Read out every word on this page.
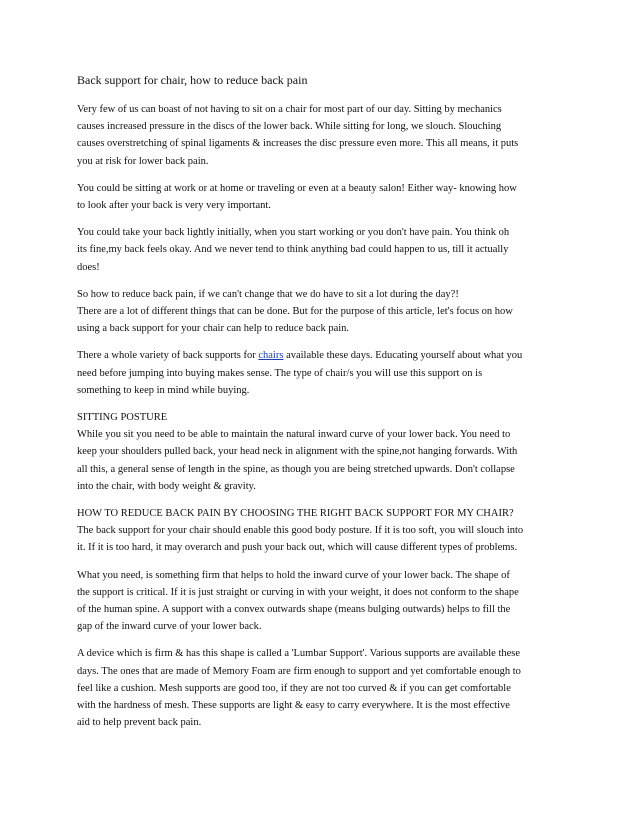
Back support for chair, how to reduce back pain

Very few of us can boast of not having to sit on a chair for most part of our day. Sitting by mechanics
causes increased pressure in the discs of the lower back. While sitting for long, we slouch. Slouching
causes overstretching of spinal ligaments & increases the disc pressure even more. This all means, it puts
you at risk for lower back pain.

You could be sitting at work or at home or traveling or even at a beauty salon! Either way- knowing how
to look after your back is very very important.

You could take your back lightly initially, when you start working or you don't have pain. You think oh
its fine,my back feels okay. And we never tend to think anything bad could happen to us, till it actually
does!

So how to reduce back pain, if we can't change that we do have to sit a lot during the day?!
There are a lot of different things that can be done. But for the purpose of this article, let's focus on how
using a back support for your chair can help to reduce back pain.

There a whole variety of back supports for chairs available these days. Educating yourself about what you
need before jumping into buying makes sense. The type of chair/s you will use this support on is
something to keep in mind while buying.

SITTING POSTURE
While you sit you need to be able to maintain the natural inward curve of your lower back. You need to
keep your shoulders pulled back, your head neck in alignment with the spine,not hanging forwards. With
all this, a general sense of length in the spine, as though you are being stretched upwards. Don't collapse
into the chair, with body weight & gravity.

HOW TO REDUCE BACK PAIN BY CHOOSING THE RIGHT BACK SUPPORT FOR MY CHAIR?
The back support for your chair should enable this good body posture. If it is too soft, you will slouch into
it. If it is too hard, it may overarch and push your back out, which will cause different types of problems.

What you need, is something firm that helps to hold the inward curve of your lower back. The shape of
the support is critical. If it is just straight or curving in with your weight, it does not conform to the shape
of the human spine. A support with a convex outwards shape (means bulging outwards) helps to fill the
gap of the inward curve of your lower back.

A device which is firm & has this shape is called a 'Lumbar Support'. Various supports are available these
days. The ones that are made of Memory Foam are firm enough to support and yet comfortable enough to
feel like a cushion. Mesh supports are good too, if they are not too curved & if you can get comfortable
with the hardness of mesh. These supports are light & easy to carry everywhere. It is the most effective
aid to help prevent back pain.
